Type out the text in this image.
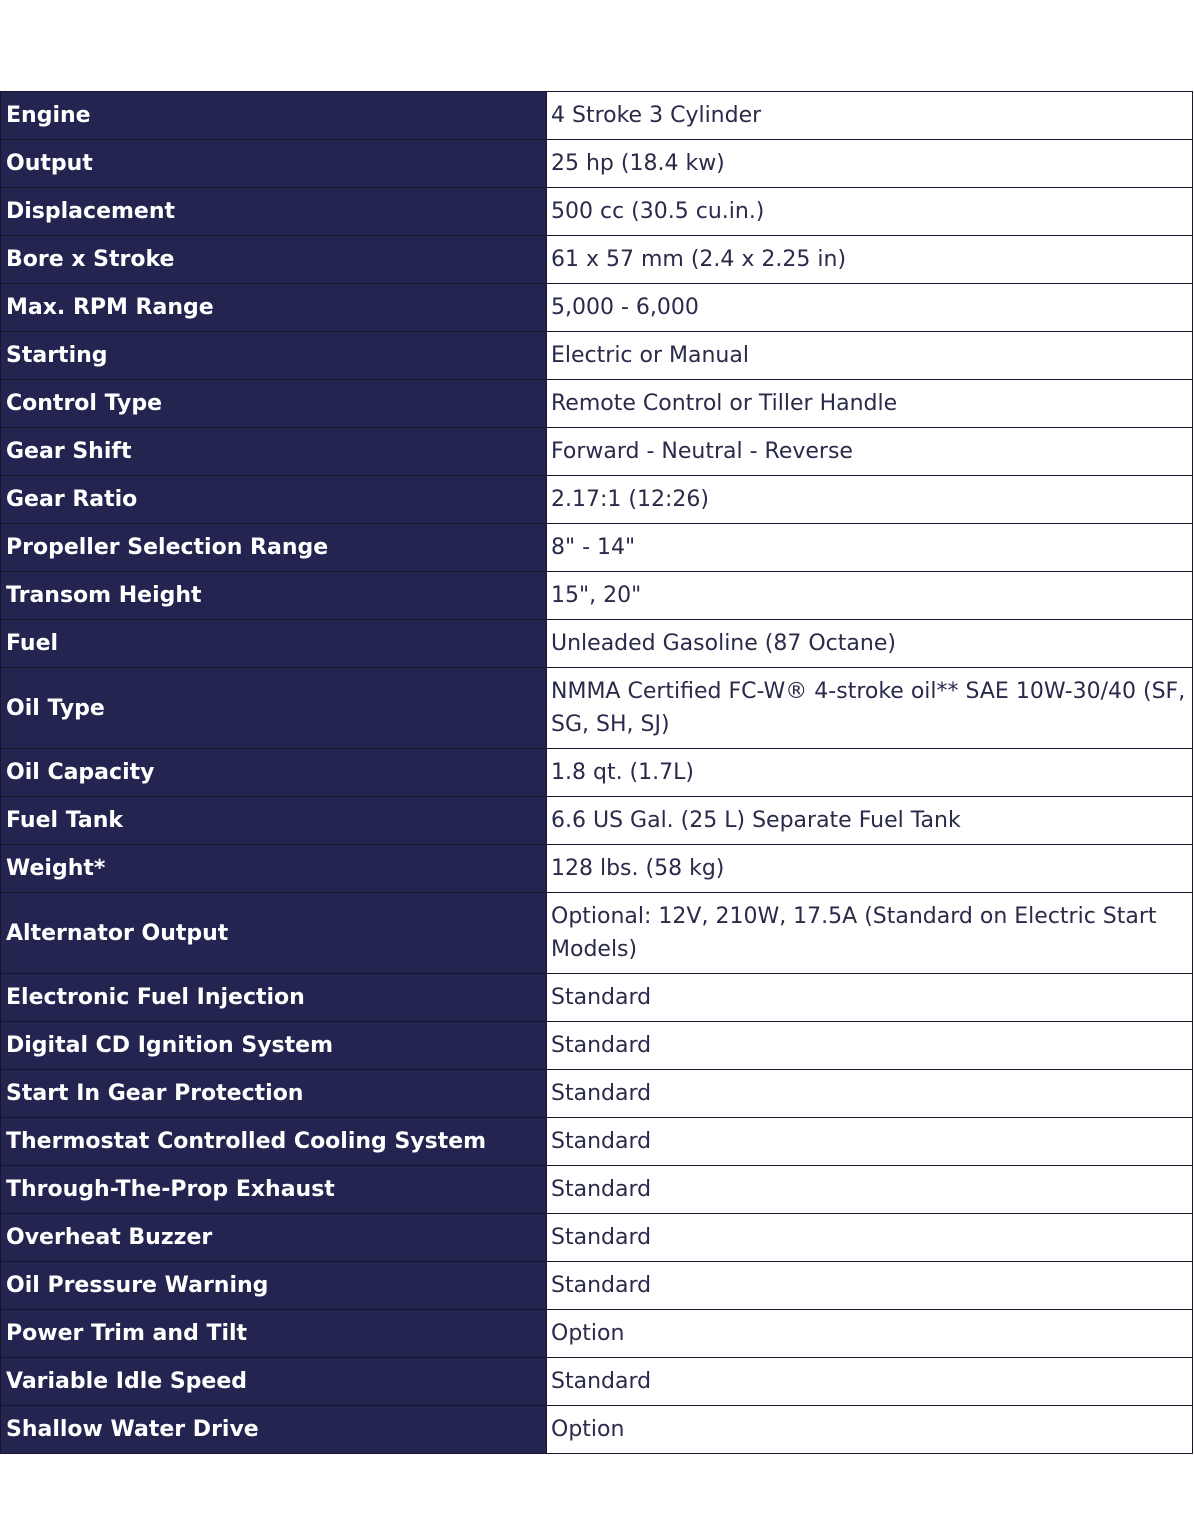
Engine	4 Stroke 3 Cylinder
Output	25 hp (18.4 kw)
Displacement	500 cc (30.5 cu.in.)
Bore x Stroke	61 x 57 mm (2.4 x 2.25 in)
Max. RPM Range	5,000 - 6,000
Starting	Electric or Manual
Control Type	Remote Control or Tiller Handle
Gear Shift	Forward - Neutral - Reverse
Gear Ratio	2.17:1 (12:26)
Propeller Selection Range	8" - 14"
Transom Height	15", 20"
Fuel	Unleaded Gasoline (87 Octane)
Oil Type	NMMA Certified FC-W® 4-stroke oil** SAE 10W-30/40 (SF, SG, SH, SJ)
Oil Capacity	1.8 qt. (1.7L)
Fuel Tank	6.6 US Gal. (25 L) Separate Fuel Tank
Weight*	128 lbs. (58 kg)
Alternator Output	Optional: 12V, 210W, 17.5A (Standard on Electric Start Models)
Electronic Fuel Injection	Standard
Digital CD Ignition System	Standard
Start In Gear Protection	Standard
Thermostat Controlled Cooling System	Standard
Through-The-Prop Exhaust	Standard
Overheat Buzzer	Standard
Oil Pressure Warning	Standard
Power Trim and Tilt	Option
Variable Idle Speed	Standard
Shallow Water Drive	Option
